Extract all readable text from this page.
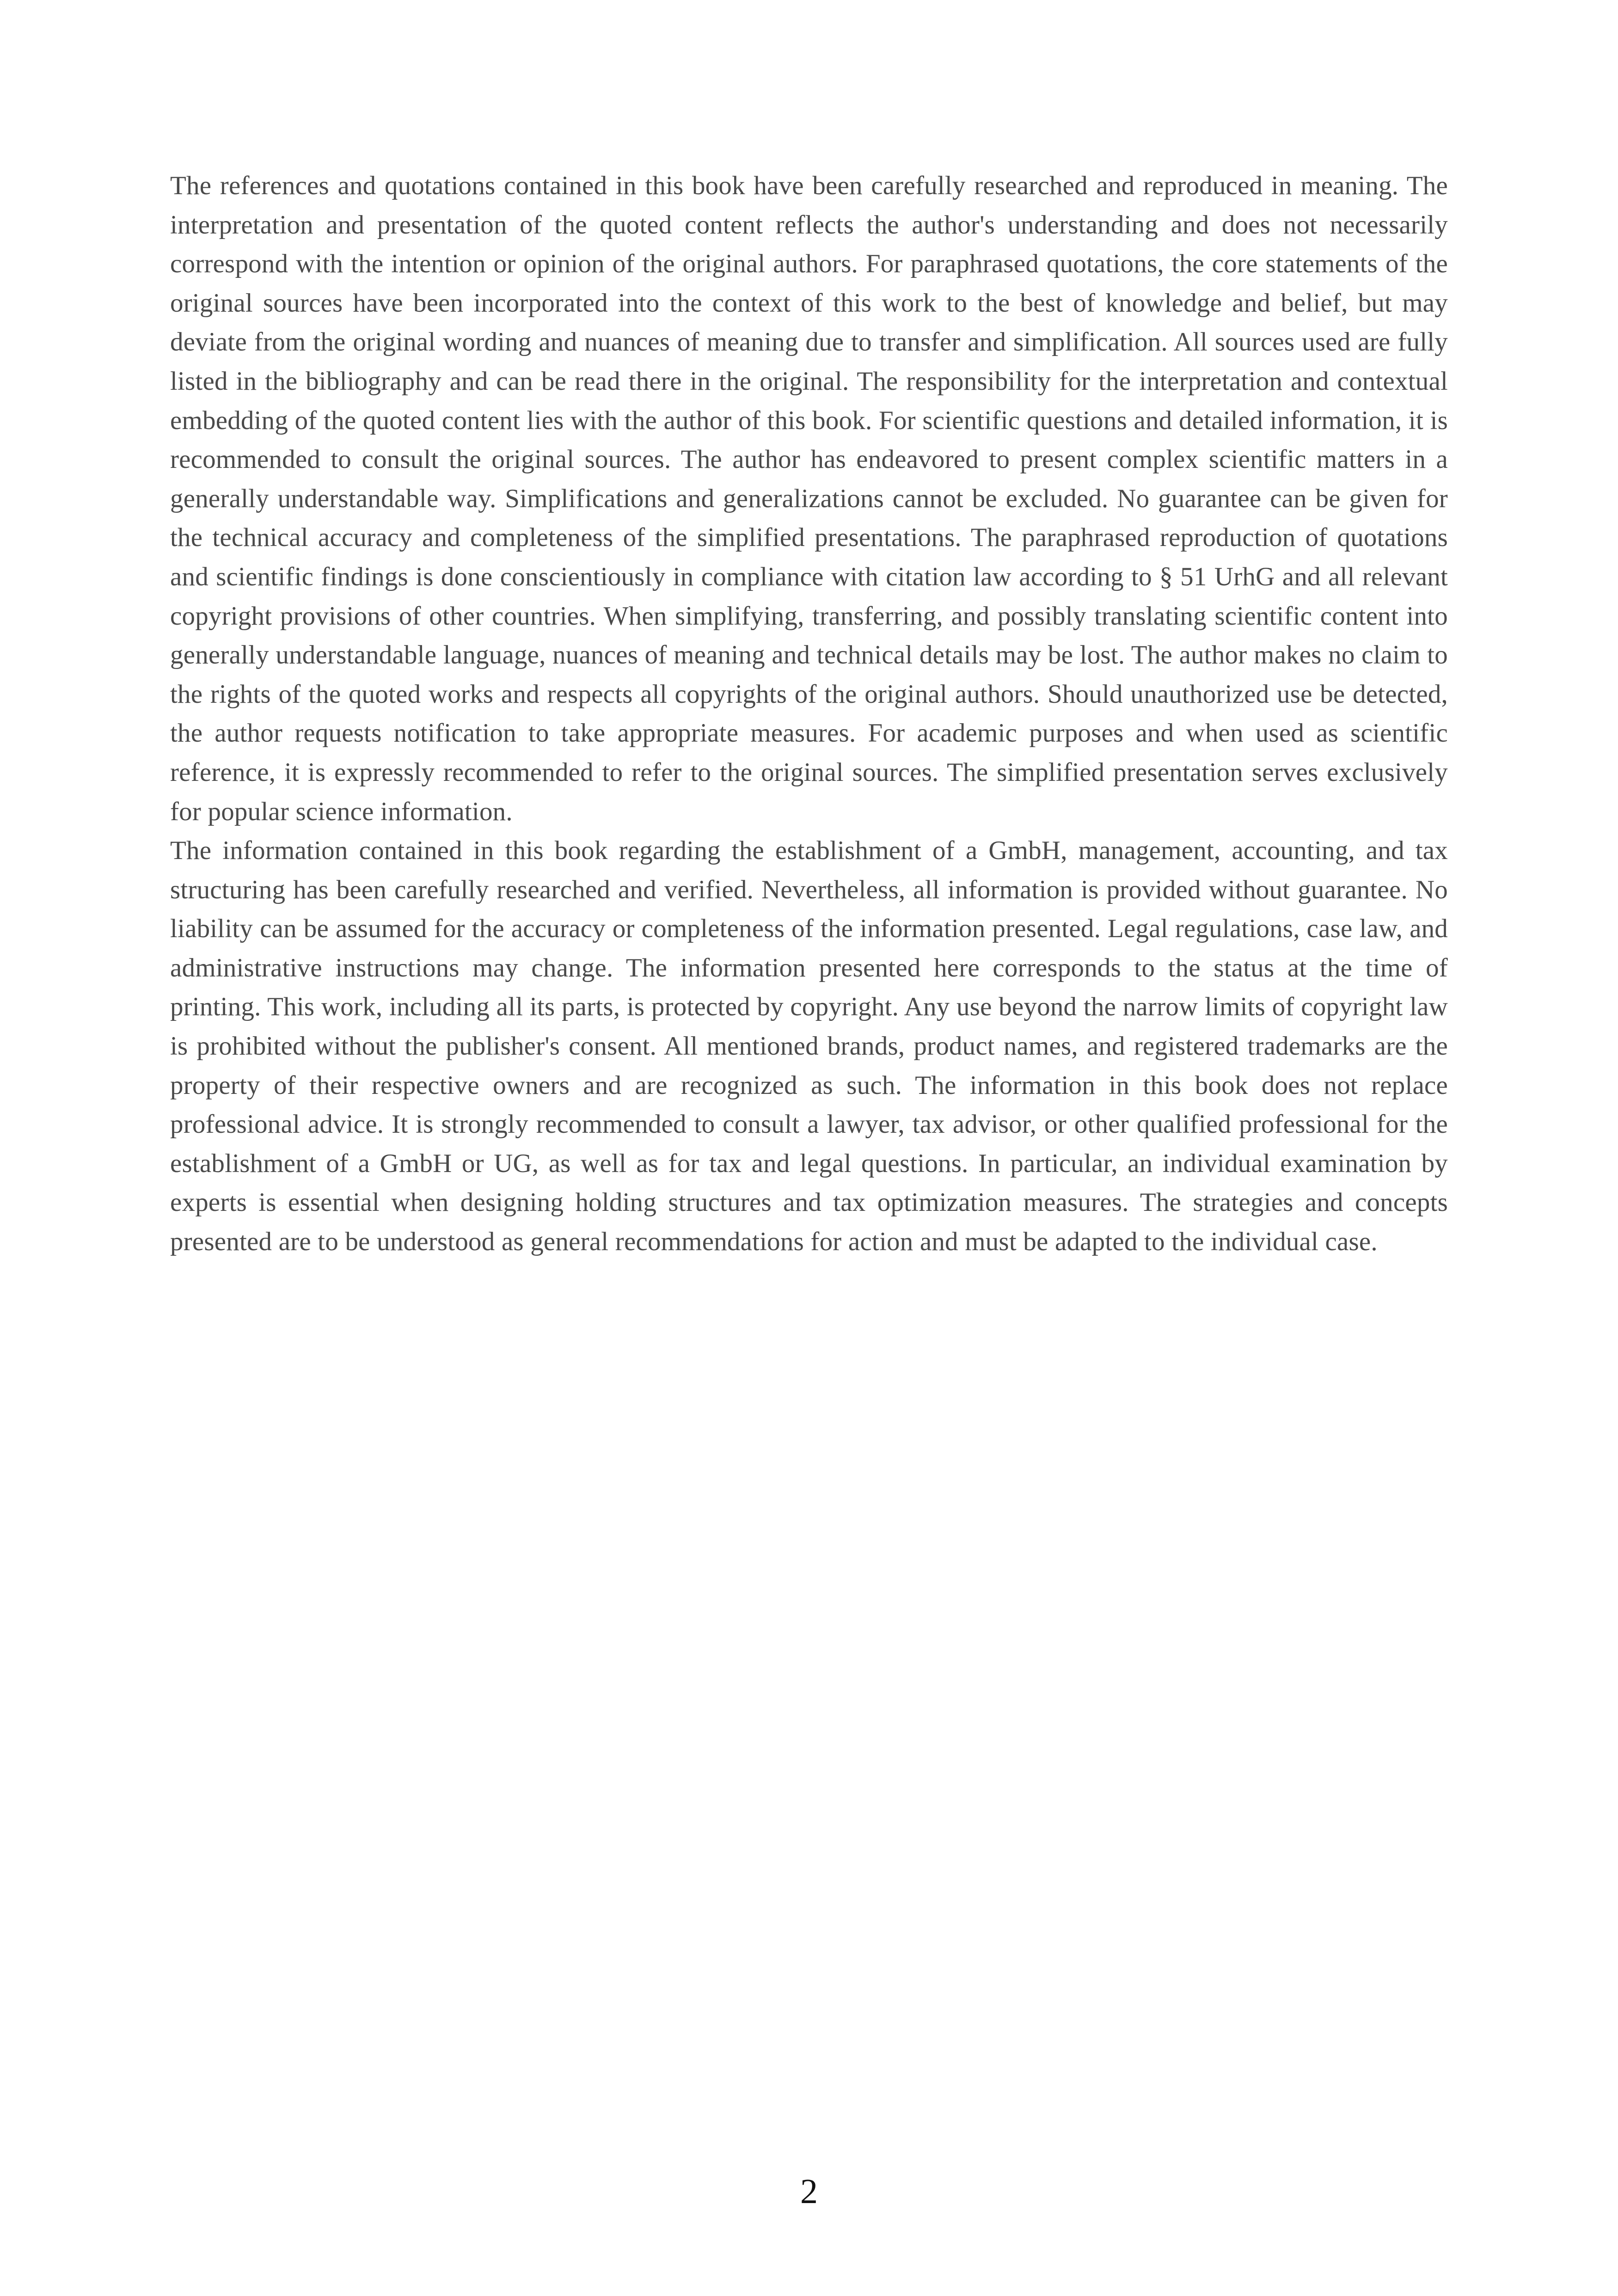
The references and quotations contained in this book have been carefully researched and reproduced in meaning. The interpretation and presentation of the quoted content reflects the author's understanding and does not necessarily correspond with the intention or opinion of the original authors. For paraphrased quotations, the core statements of the original sources have been incorporated into the context of this work to the best of knowledge and belief, but may deviate from the original wording and nuances of meaning due to transfer and simplification. All sources used are fully listed in the bibliography and can be read there in the original. The responsibility for the interpretation and contextual embedding of the quoted content lies with the author of this book. For scientific questions and detailed information, it is recommended to consult the original sources. The author has endeavored to present complex scientific matters in a generally understandable way. Simplifications and generalizations cannot be excluded. No guarantee can be given for the technical accuracy and completeness of the simplified presentations. The paraphrased reproduction of quotations and scientific findings is done conscientiously in compliance with citation law according to § 51 UrhG and all relevant copyright provisions of other countries. When simplifying, transferring, and possibly translating scientific content into generally understandable language, nuances of meaning and technical details may be lost. The author makes no claim to the rights of the quoted works and respects all copyrights of the original authors. Should unauthorized use be detected, the author requests notification to take appropriate measures. For academic purposes and when used as scientific reference, it is expressly recommended to refer to the original sources. The simplified presentation serves exclusively for popular science information.

The information contained in this book regarding the establishment of a GmbH, management, accounting, and tax structuring has been carefully researched and verified. Nevertheless, all information is provided without guarantee. No liability can be assumed for the accuracy or completeness of the information presented. Legal regulations, case law, and administrative instructions may change. The information presented here corresponds to the status at the time of printing. This work, including all its parts, is protected by copyright. Any use beyond the narrow limits of copyright law is prohibited without the publisher's consent. All mentioned brands, product names, and registered trademarks are the property of their respective owners and are recognized as such. The information in this book does not replace professional advice. It is strongly recommended to consult a lawyer, tax advisor, or other qualified professional for the establishment of a GmbH or UG, as well as for tax and legal questions. In particular, an individual examination by experts is essential when designing holding structures and tax optimization measures. The strategies and concepts presented are to be understood as general recommendations for action and must be adapted to the individual case.

2
